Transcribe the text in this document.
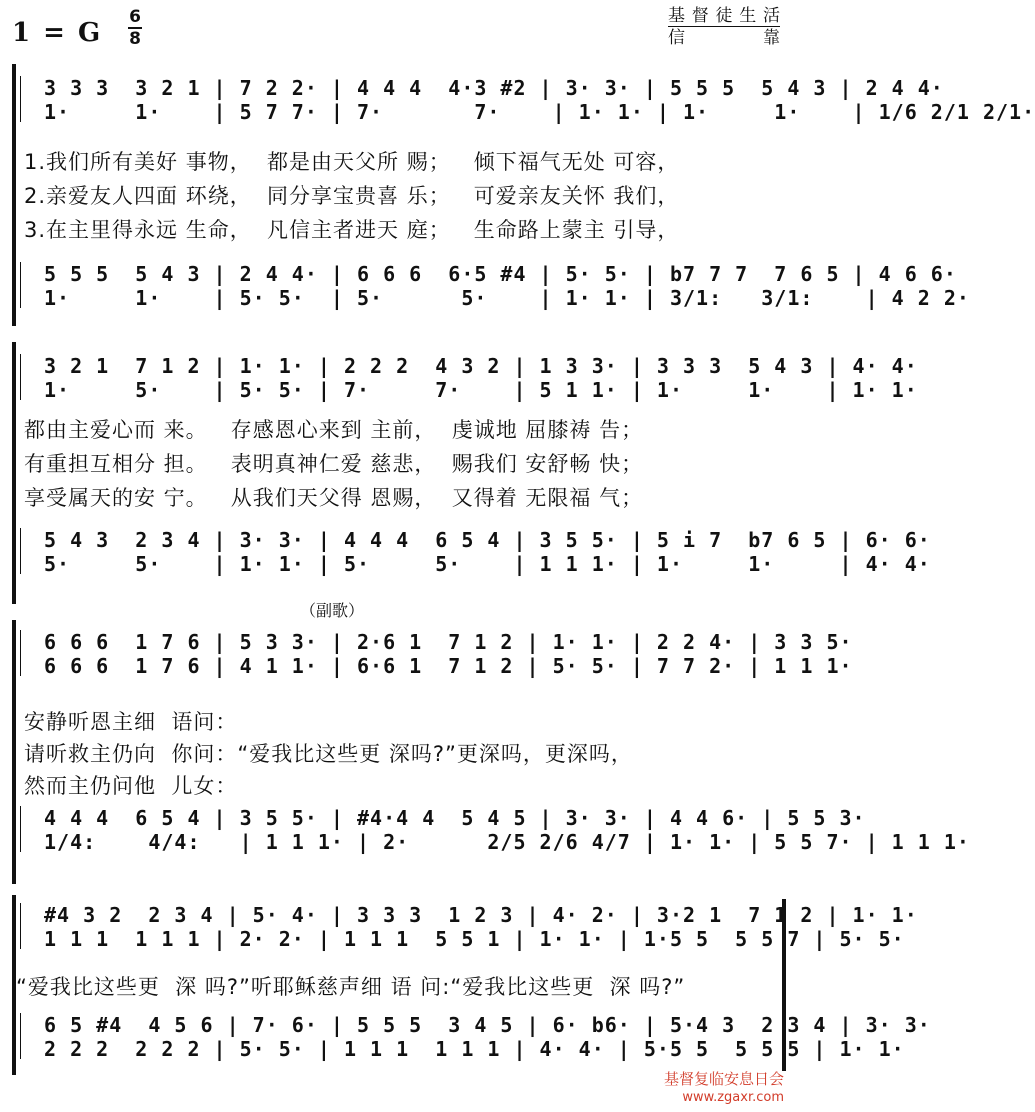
1 = G
6
8
基督徒生活
信　　靠
3 3 3  3 2 1 | 7 2 2· | 4 4 4  4·3 #2 | 3· 3· | 5 5 5  5 4 3 | 2 4 4·
1·     1·    | 5 7 7· | 7·       7·    | 1· 1· | 1·     1·    | 1/6 2/1 2/1·
1.我们所有美好 事物，  都是由天父所 赐；   倾下福气无处 可容，
2.亲爱友人四面 环绕，  同分享宝贵喜 乐；   可爱亲友关怀 我们，
3.在主里得永远 生命，  凡信主者进天 庭；   生命路上蒙主 引导，
5 5 5  5 4 3 | 2 4 4· | 6 6 6  6·5 #4 | 5· 5· | b7 7 7  7 6 5 | 4 6 6·
1·     1·    | 5· 5·  | 5·      5·    | 1· 1· | 3/1:   3/1:    | 4 2 2·
3 2 1  7 1 2 | 1· 1· | 2 2 2  4 3 2 | 1 3 3· | 3 3 3  5 4 3 | 4· 4·
1·     5·    | 5· 5· | 7·     7·    | 5 1 1· | 1·     1·    | 1· 1·
都由主爱心而 来。   存感恩心来到 主前，  虔诚地 屈膝祷 告；
有重担互相分 担。   表明真神仁爱 慈悲，  赐我们 安舒畅 快；
享受属天的安 宁。   从我们天父得 恩赐，  又得着 无限福 气；
5 4 3  2 3 4 | 3· 3· | 4 4 4  6 5 4 | 3 5 5· | 5 i 7  b7 6 5 | 6· 6·
5·     5·    | 1· 1· | 5·     5·    | 1 1 1· | 1·     1·     | 4· 4·
（副歌）
6 6 6  1 7 6 | 5 3 3· | 2·6 1  7 1 2 | 1· 1· | 2 2 4· | 3 3 5·
6 6 6  1 7 6 | 4 1 1· | 6·6 1  7 1 2 | 5· 5· | 7 7 2· | 1 1 1·
安静听恩主细  语问：
请听救主仍向  你问：“爱我比这些更 深吗?”更深吗，更深吗，
然而主仍问他  儿女：
4 4 4  6 5 4 | 3 5 5· | #4·4 4  5 4 5 | 3· 3· | 4 4 6· | 5 5 3·
1/4:    4/4:   | 1 1 1· | 2·      2/5 2/6 4/7 | 1· 1· | 5 5 7· | 1 1 1·
#4 3 2  2 3 4 | 5· 4· | 3 3 3  1 2 3 | 4· 2· | 3·2 1  7 1 2 | 1· 1·
1 1 1  1 1 1 | 2· 2· | 1 1 1  5 5 1 | 1· 1· | 1·5 5  5 5 7 | 5· 5·
“爱我比这些更  深 吗?”听耶稣慈声细 语 问:“爱我比这些更  深 吗?”
6 5 #4  4 5 6 | 7· 6· | 5 5 5  3 4 5 | 6· b6· | 5·4 3  2 3 4 | 3· 3·
2 2 2  2 2 2 | 5· 5· | 1 1 1  1 1 1 | 4· 4· | 5·5 5  5 5 5 | 1· 1·
基督复临安息日会
www.zgaxr.com
